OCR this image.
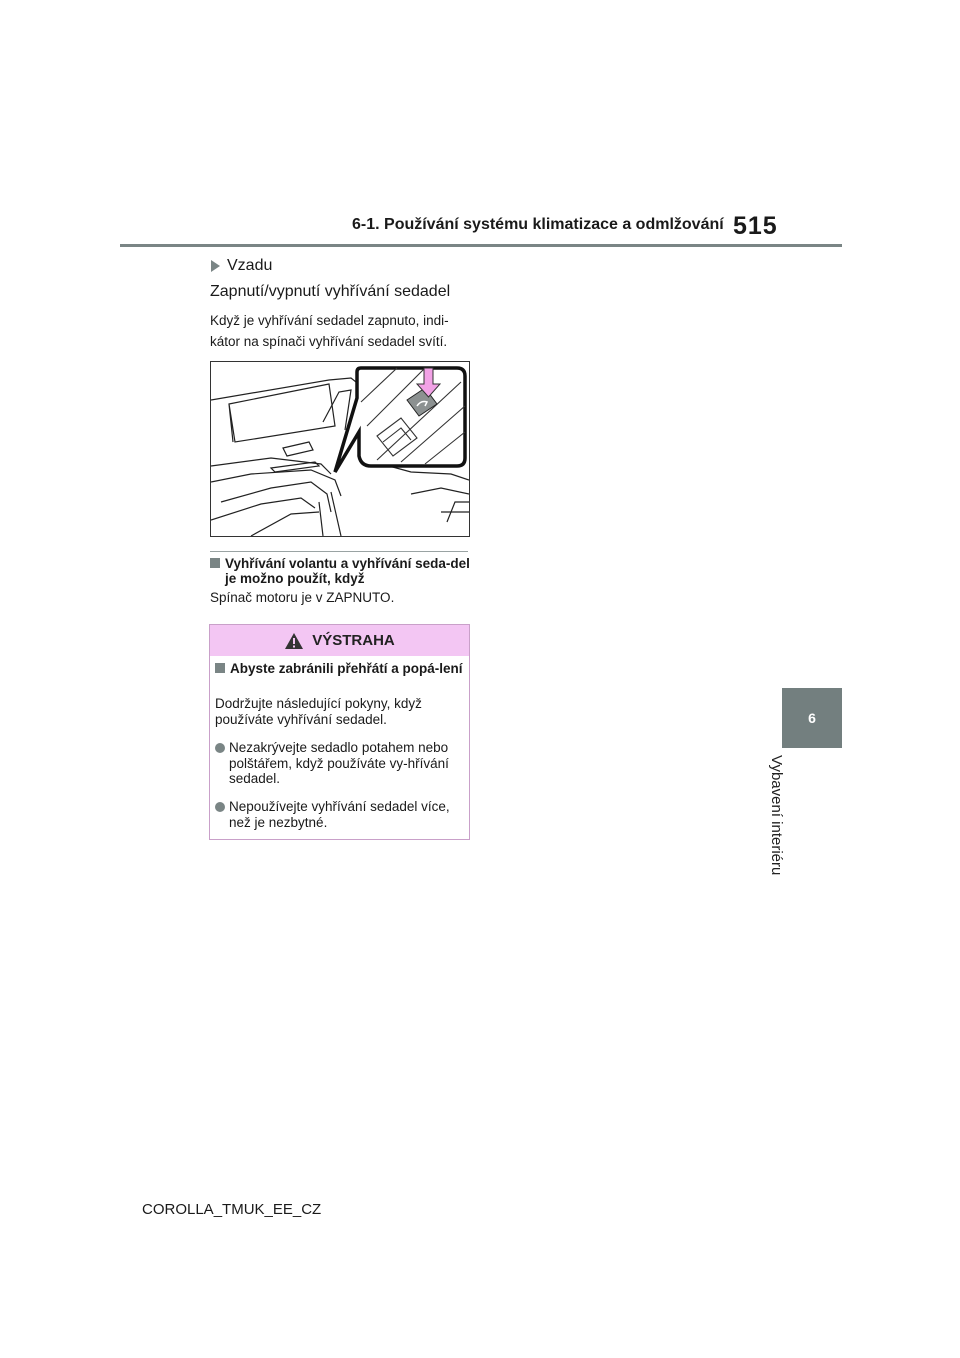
6-1. Používání systému klimatizace a odmlžování 515
6
Vybavení interiéru
Vzadu
Zapnutí/vypnutí vyhřívání sedadel
Když je vyhřívání sedadel zapnuto, indi-kátor na spínači vyhřívání sedadel svítí.
Vyhřívání volantu a vyhřívání seda-del je možno použít, když
Spínač motoru je v ZAPNUTO.
VÝSTRAHA
Abyste zabránili přehřátí a popá-lení
Dodržujte následující pokyny, když používáte vyhřívání sedadel.
Nezakrývejte sedadlo potahem nebo polštářem, když používáte vy-hřívání sedadel.
Nepoužívejte vyhřívání sedadel více, než je nezbytné.
COROLLA_TMUK_EE_CZ
